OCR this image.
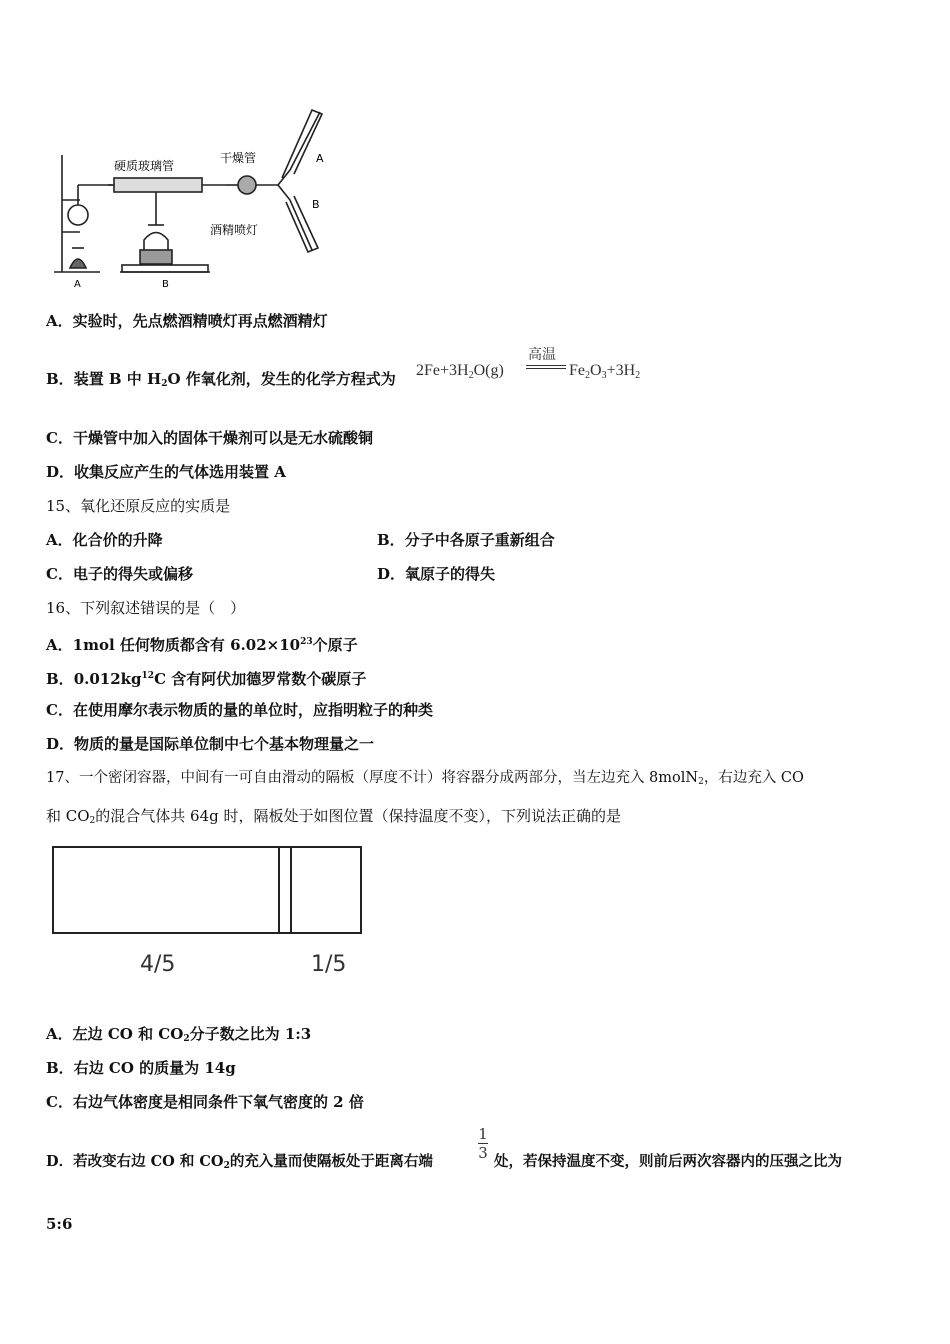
硬质玻璃管
干燥管
酒精喷灯
A	B
A
B
A．实验时，先点燃酒精喷灯再点燃酒精灯
B．装置 B 中 $H_2O$ 作氧化剂，发生的化学方程式为 2Fe+3H2O(g)
高温
Fe2O3+3H2
C．干燥管中加入的固体干燥剂可以是无水硫酸铜
D．收集反应产生的气体选用装置 A
15、氧化还原反应的实质是
A．化合价的升降	B．分子中各原子重新组合
C．电子的得失或偏移	D．氧原子的得失
16、下列叙述错误的是（　）
A．1mol 任何物质都含有 $6.02\times 10^{23}$个原子
B．$0.012kg^{12}C$ 含有阿伏加德罗常数个碳原子
C．在使用摩尔表示物质的量的单位时，应指明粒子的种类
D．物质的量是国际单位制中七个基本物理量之一
17、一个密闭容器，中间有一可自由滑动的隔板（厚度不计）将容器分成两部分，当左边充入 8molN$_2$，右边充入 CO
和 $CO_2$的混合气体共 64g 时，隔板处于如图位置（保持温度不变），下列说法正确的是
4/5	1/5
A．左边 CO 和 $CO_2$分子数之比为 1:3
B．右边 CO 的质量为 14g
C．右边气体密度是相同条件下氧气密度的 2 倍
D．若改变右边 CO 和 $CO_2$的充入量而使隔板处于距离右端
1
3 处，若保持温度不变，则前后两次容器内的压强之比为
5:6
